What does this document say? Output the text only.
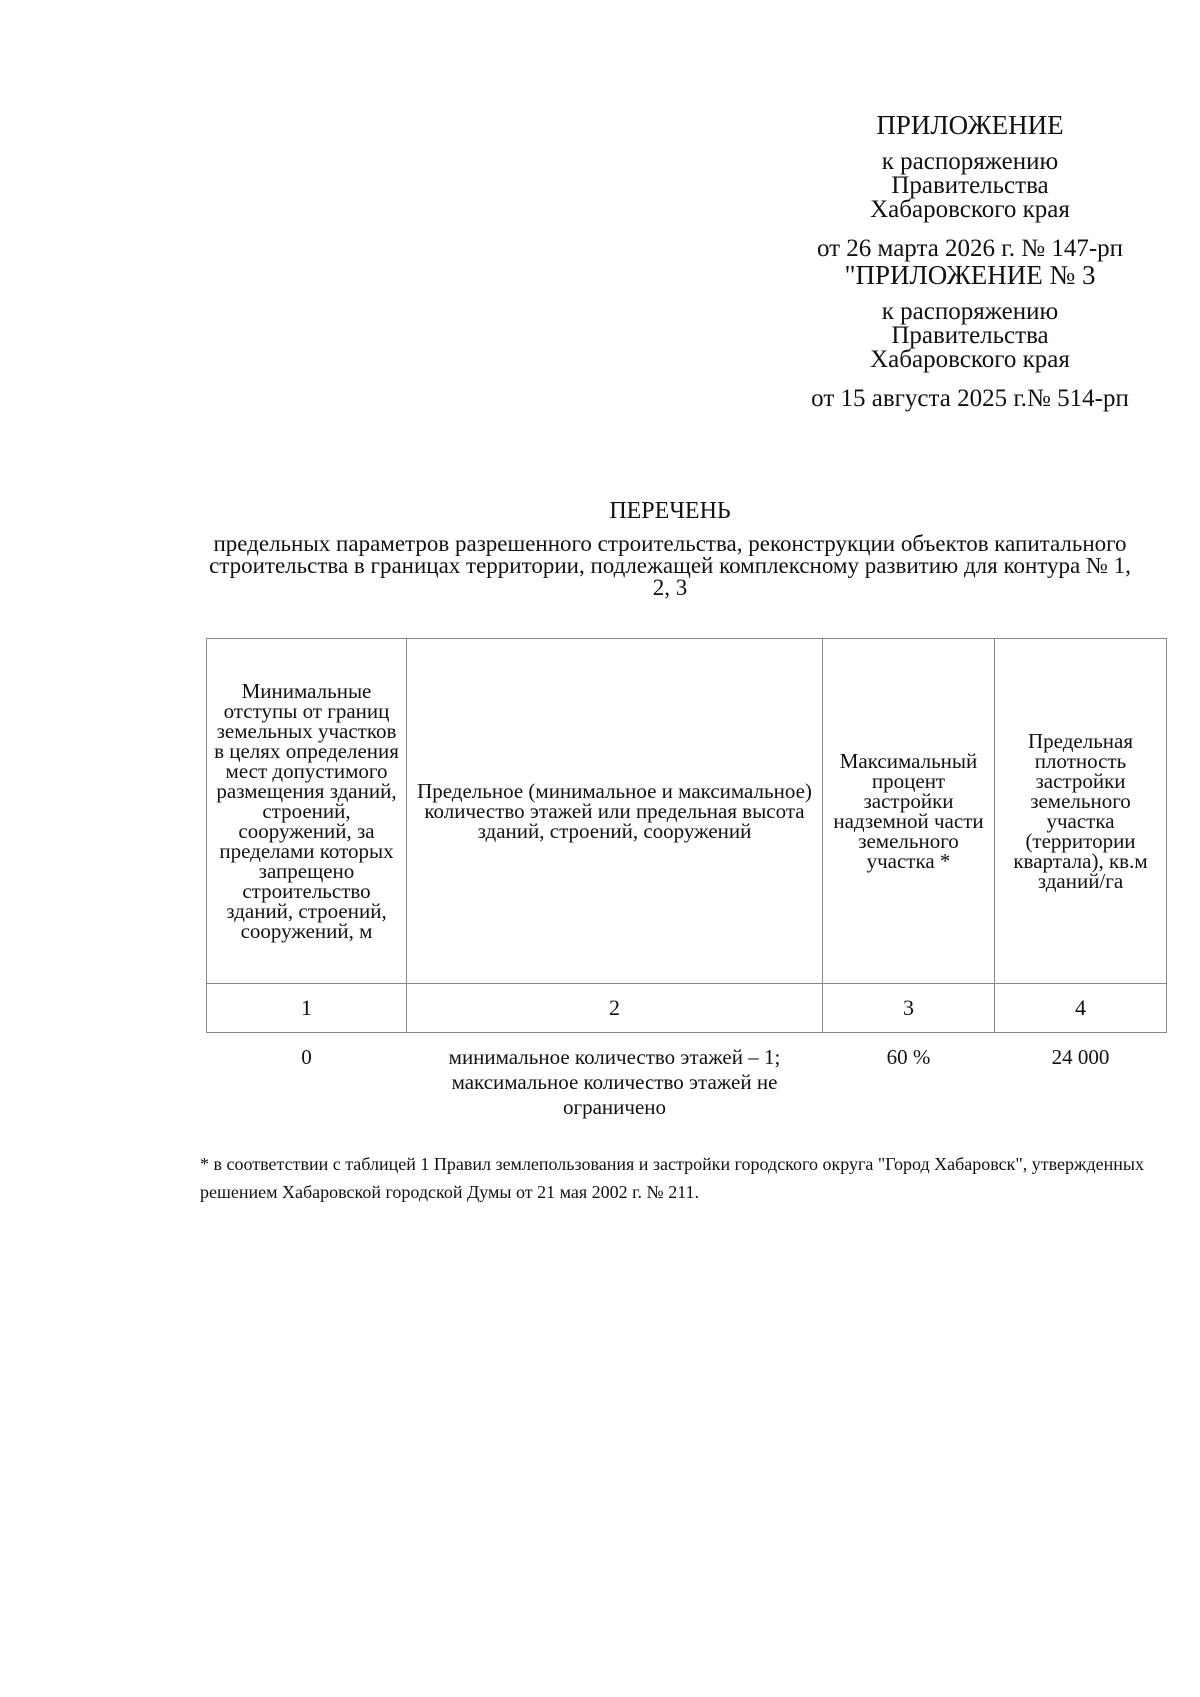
ПРИЛОЖЕНИЕ
к распоряжению
Правительства
Хабаровского края
от 26 марта 2026 г. № 147-рп
"ПРИЛОЖЕНИЕ № 3
к распоряжению
Правительства
Хабаровского края
от 15 августа 2025 г.№ 514-рп
ПЕРЕЧЕНЬ
предельных параметров разрешенного строительства, реконструкции объектов капитального строительства в границах территории, подлежащей комплексному развитию для контура № 1, 2, 3
Минимальные отступы от границ земельных участков в целях определения мест допустимого размещения зданий, строений, сооружений, за пределами которых запрещено строительство зданий, строений, сооружений, м	Предельное (минимальное и максимальное) количество этажей или предельная высота зданий, строений, сооружений	Максимальный процент застройки надземной части земельного участка *	Предельная плотность застройки земельного участка (территории квартала), кв.м зданий/га
1	2	3	4
0	минимальное количество этажей – 1; максимальное количество этажей не ограничено	60 %	24 000
* в соответствии с таблицей 1 Правил землепользования и застройки городского округа "Город Хабаровск", утвержденных решением Хабаровской городской Думы от 21 мая 2002 г. № 211.
